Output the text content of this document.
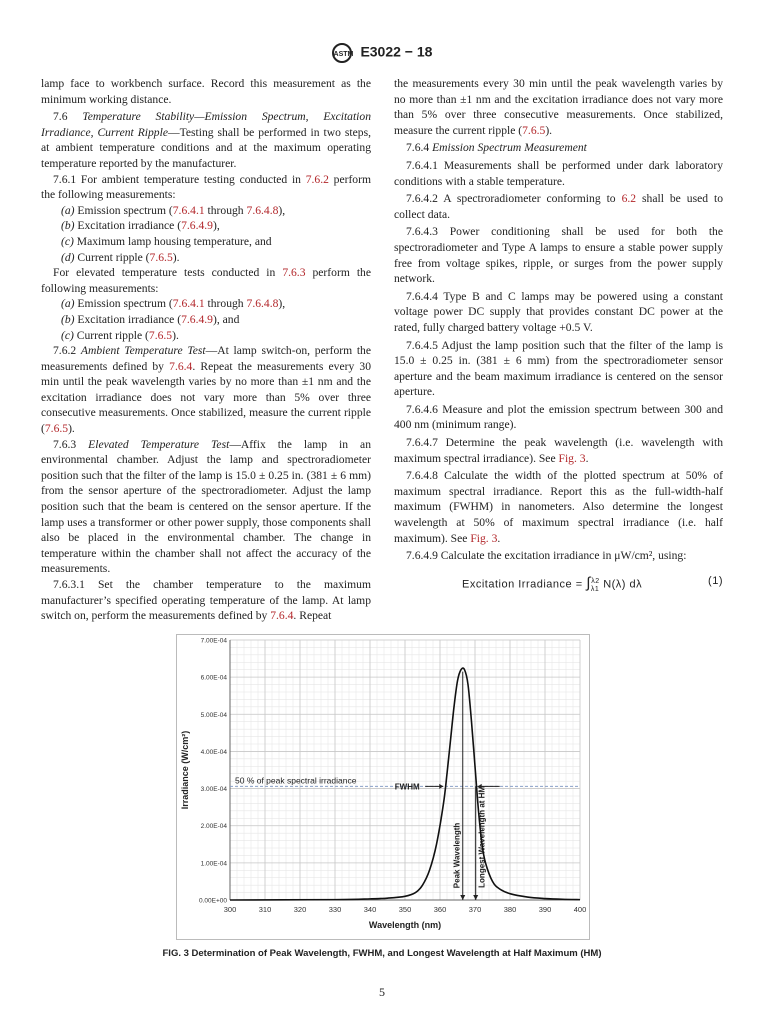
ASTM E3022 − 18

lamp face to workbench surface. Record this measurement as the minimum working distance.

7.6 Temperature Stability—Emission Spectrum, Excitation Irradiance, Current Ripple—Testing shall be performed in two steps, at ambient temperature conditions and at the maximum operating temperature reported by the manufacturer.

7.6.1 For ambient temperature testing conducted in 7.6.2 perform the following measurements:

(a) Emission spectrum (7.6.4.1 through 7.6.4.8),

(b) Excitation irradiance (7.6.4.9),

(c) Maximum lamp housing temperature, and

(d) Current ripple (7.6.5).

For elevated temperature tests conducted in 7.6.3 perform the following measurements:

(a) Emission spectrum (7.6.4.1 through 7.6.4.8),

(b) Excitation irradiance (7.6.4.9), and

(c) Current ripple (7.6.5).

7.6.2 Ambient Temperature Test—At lamp switch-on, perform the measurements defined by 7.6.4. Repeat the measurements every 30 min until the peak wavelength varies by no more than ±1 nm and the excitation irradiance does not vary more than 5% over three consecutive measurements. Once stabilized, measure the current ripple (7.6.5).

7.6.3 Elevated Temperature Test—Affix the lamp in an environmental chamber. Adjust the lamp and spectroradiometer position such that the filter of the lamp is 15.0 ± 0.25 in. (381 ± 6 mm) from the sensor aperture of the spectroradiometer. Adjust the lamp position such that the beam is centered on the sensor aperture. If the lamp uses a transformer or other power supply, those components shall also be placed in the environmental chamber. The change in temperature within the chamber shall not affect the accuracy of the measurements.

7.6.3.1 Set the chamber temperature to the maximum manufacturer’s specified operating temperature of the lamp. At lamp switch on, perform the measurements defined by 7.6.4. Repeat

the measurements every 30 min until the peak wavelength varies by no more than ±1 nm and the excitation irradiance does not vary more than 5% over three consecutive measurements. Once stabilized, measure the current ripple (7.6.5).

7.6.4 Emission Spectrum Measurement

7.6.4.1 Measurements shall be performed under dark laboratory conditions with a stable temperature.

7.6.4.2 A spectroradiometer conforming to 6.2 shall be used to collect data.

7.6.4.3 Power conditioning shall be used for both the spectroradiometer and Type A lamps to ensure a stable power supply free from voltage spikes, ripple, or surges from the power supply network.

7.6.4.4 Type B and C lamps may be powered using a constant voltage power DC supply that provides constant DC power at the rated, fully charged battery voltage +0.5 V.

7.6.4.5 Adjust the lamp position such that the filter of the lamp is 15.0 ± 0.25 in. (381 ± 6 mm) from the spectroradiometer sensor aperture and the beam maximum irradiance is centered on the sensor aperture.

7.6.4.6 Measure and plot the emission spectrum between 300 and 400 nm (minimum range).

7.6.4.7 Determine the peak wavelength (i.e. wavelength with maximum spectral irradiance). See Fig. 3.

7.6.4.8 Calculate the width of the plotted spectrum at 50% of maximum spectral irradiance. Report this as the full-width-half maximum (FWHM) in nanometers. Also determine the longest wavelength at 50% of maximum spectral irradiance (i.e. half maximum). See Fig. 3.

7.6.4.9 Calculate the excitation irradiance in μW/cm², using:

Excitation Irradiance = $\int_{\lambda 1}^{\lambda 2}$ N(λ) dλ	(1)
300	310	320	330	340	350	360	370	380	390	400
0.00E+00
1.00E-04
2.00E-04
3.00E-04
4.00E-04
5.00E-04
6.00E-04
7.00E-04
Wavelength (nm)
Irradiance (W/cm²)	50 % of peak spectral irradiance
FWHM
Peak Wavelength Longest Wavelength at HM
FIG. 3 Determination of Peak Wavelength, FWHM, and Longest Wavelength at Half Maximum (HM)
5
